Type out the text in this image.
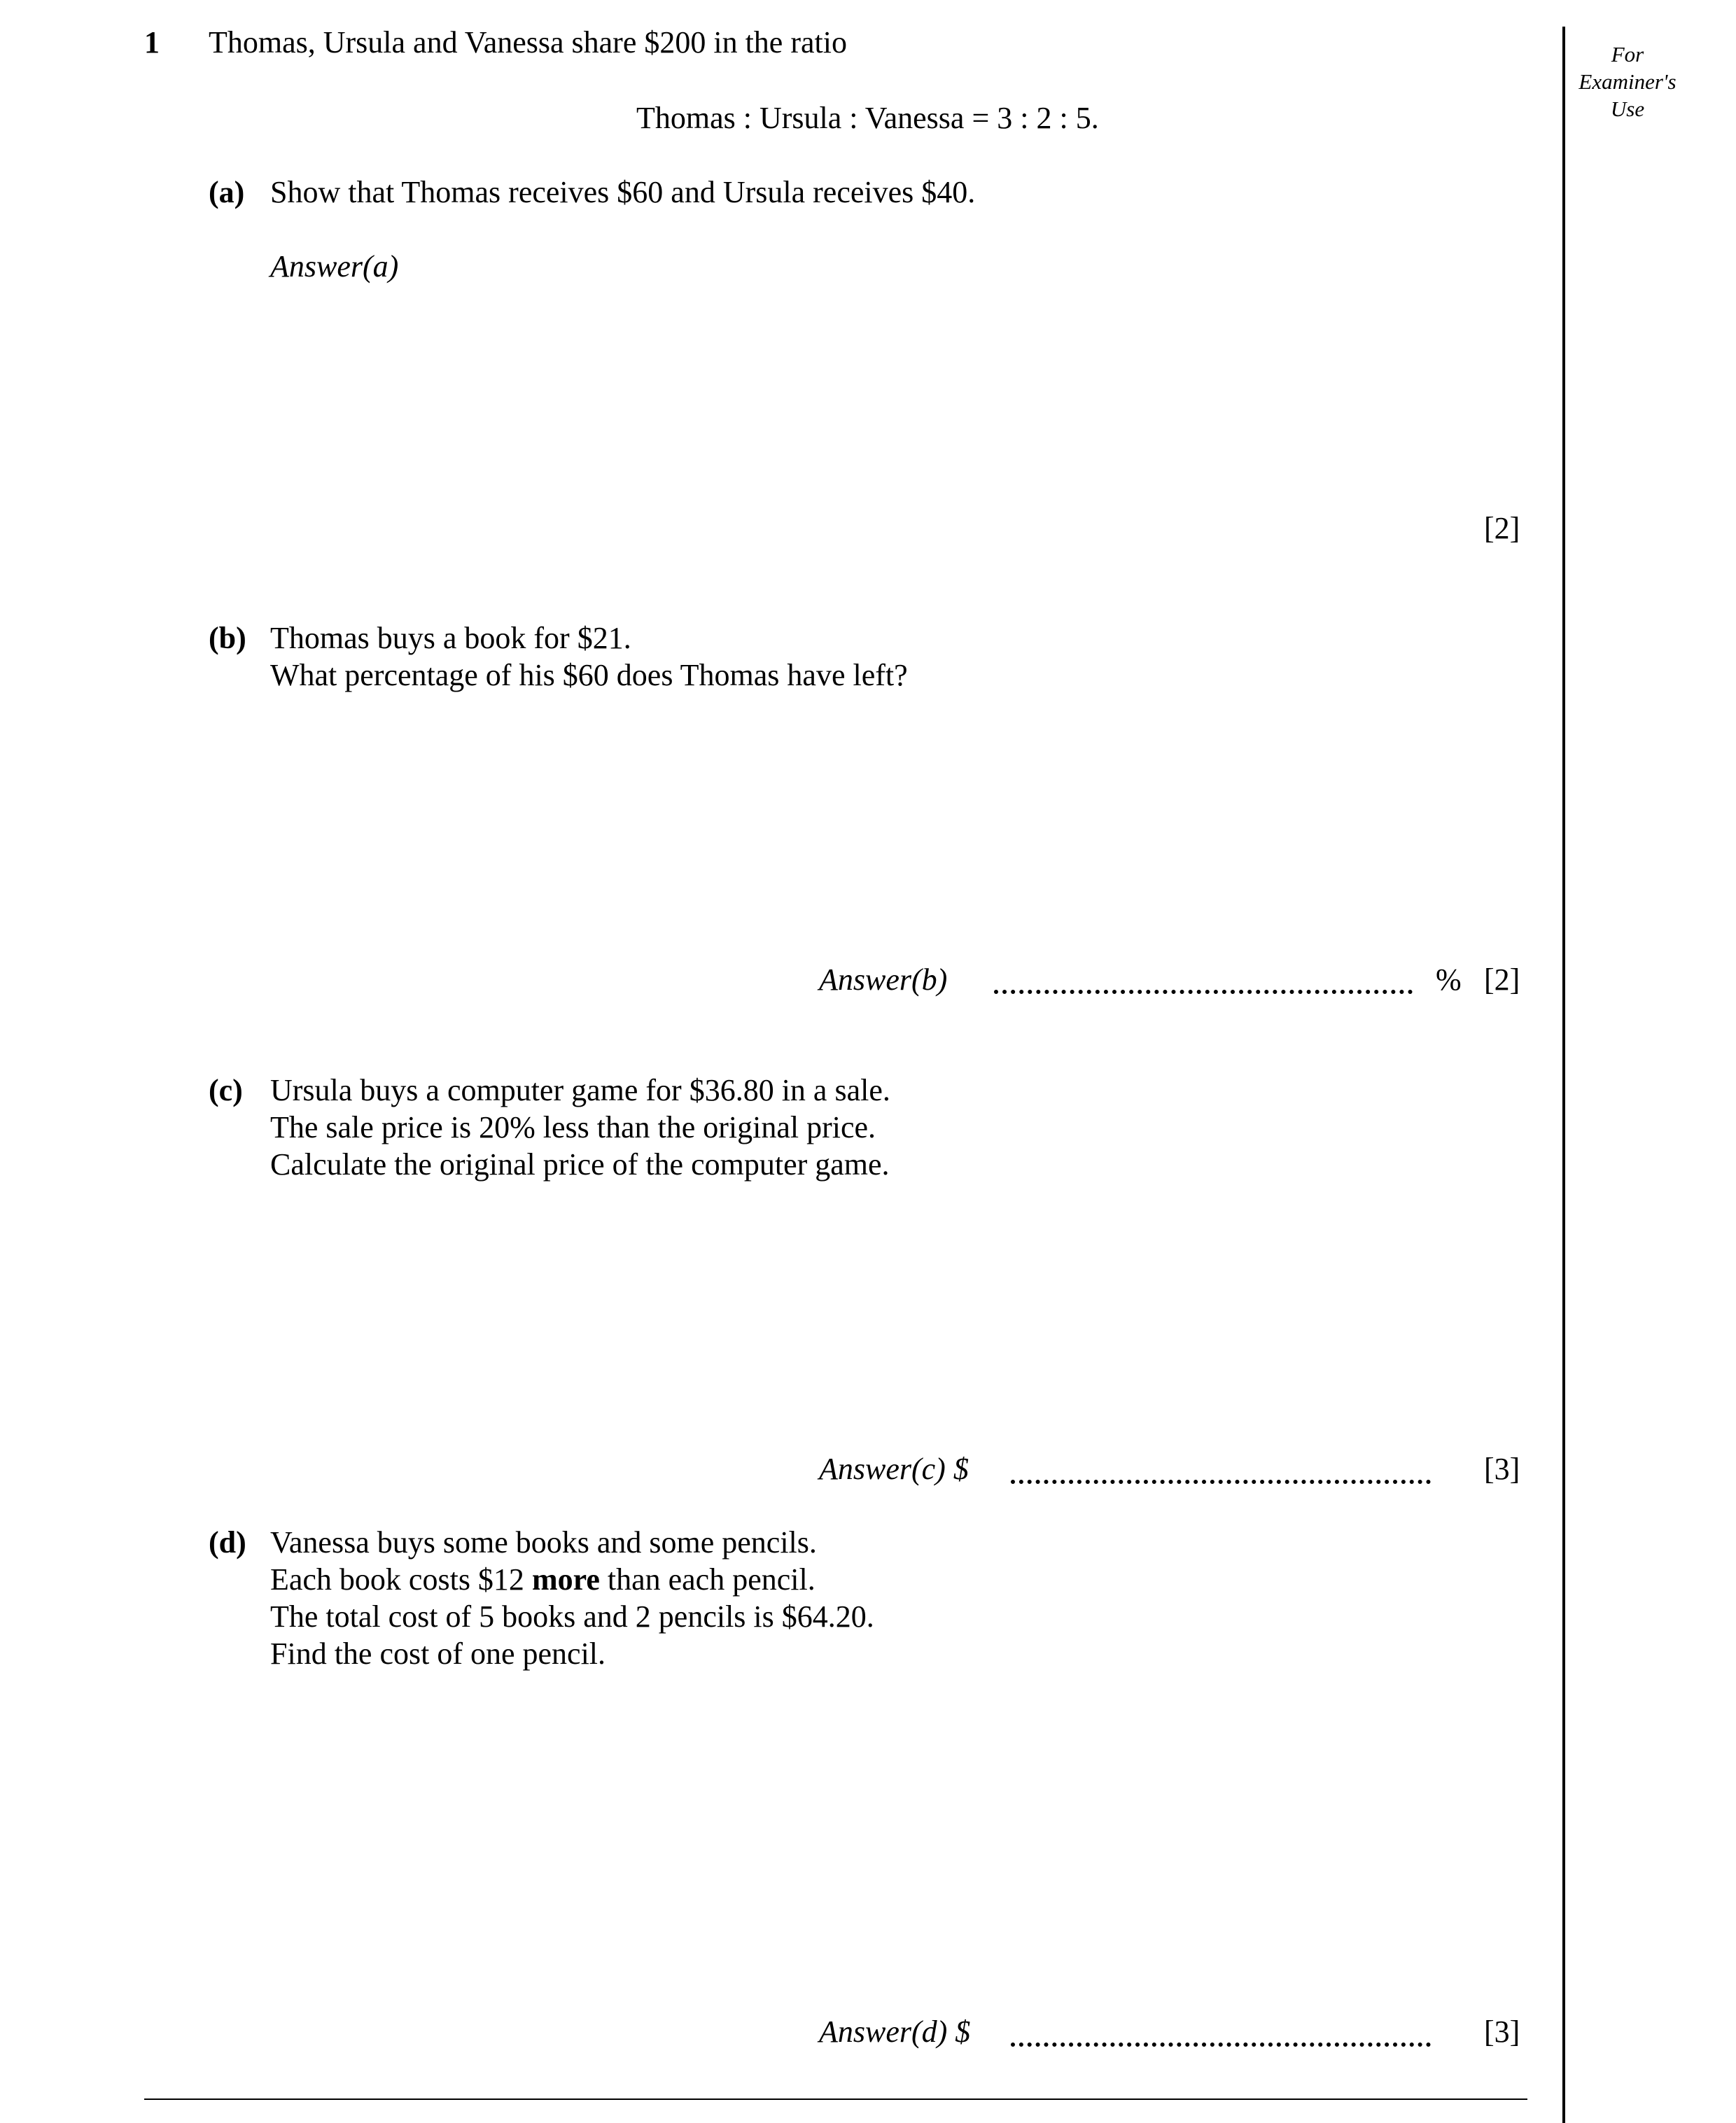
For
Examiner's
Use
1 Thomas, Ursula and Vanessa share $200 in the ratio
Thomas : Ursula : Vanessa = 3 : 2 : 5.
(a) Show that Thomas receives $60 and Ursula receives $40.
Answer(a)
[2]
(b) Thomas buys a book for $21.
What percentage of his $60 does Thomas have left?
Answer(b)	% [2]
(c) Ursula buys a computer game for $36.80 in a sale.
The sale price is 20% less than the original price.
Calculate the original price of the computer game.
Answer(c) $	[3]
(d) Vanessa buys some books and some pencils.
Each book costs $12 more than each pencil.
The total cost of 5 books and 2 pencils is $64.20.
Find the cost of one pencil.
Answer(d) $	[3]
